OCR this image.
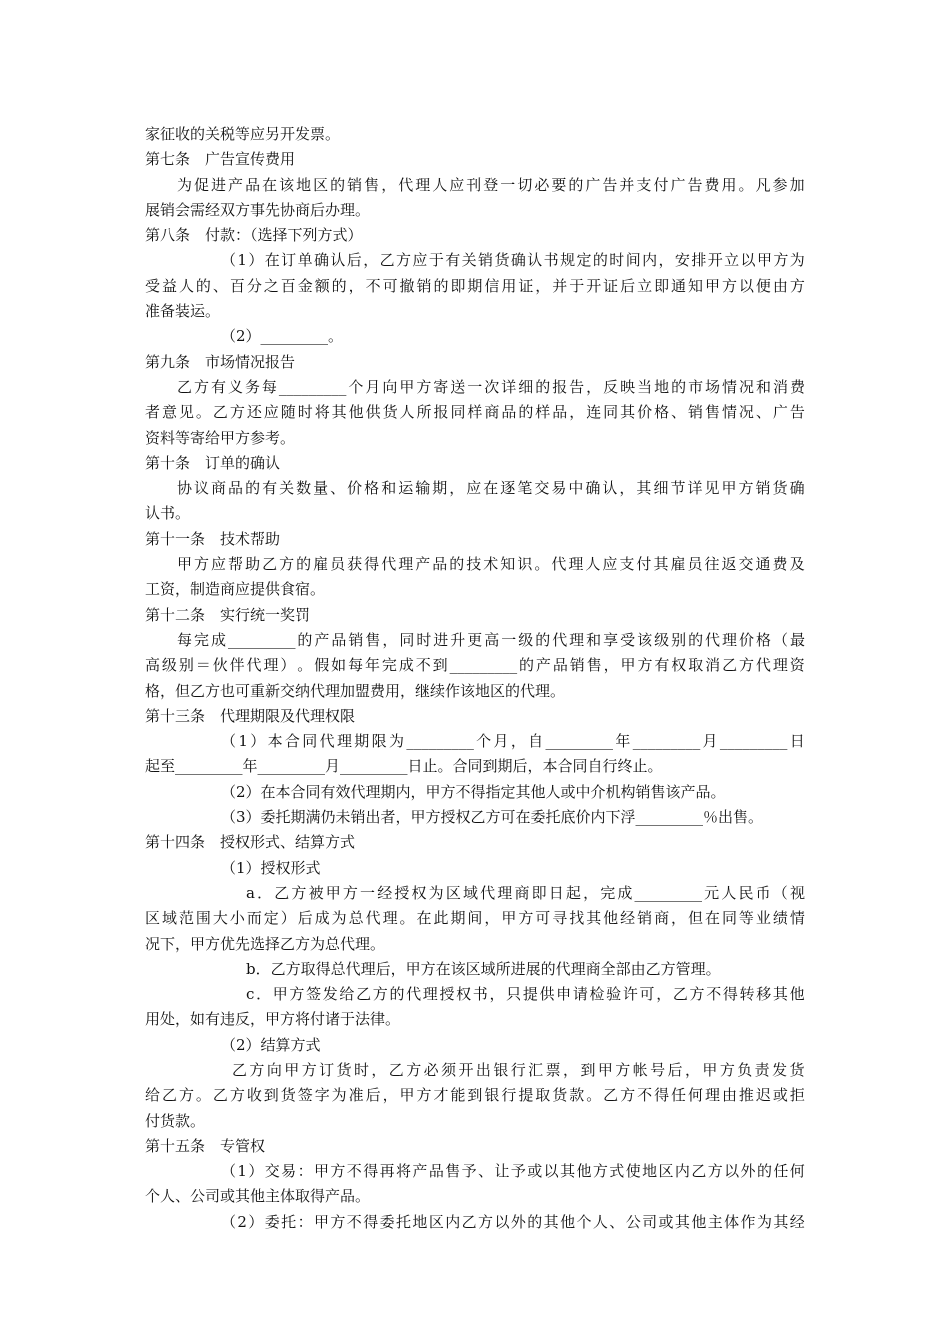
家征收的关税等应另开发票。
第七条　广告宣传费用
为 促 进 产 品 在 该 地 区 的 销 售 ， 代 理 人 应 刊 登 一 切 必 要 的 广 告 并 支 付 广 告 费 用 。 凡 参 加
展销会需经双方事先协商后办理。
第八条　付款：（选择下列方式）
（ 1 ） 在 订 单 确 认 后 ， 乙 方 应 于 有 关 销 货 确 认 书 规 定 的 时 间 内 ， 安 排 开 立 以 甲 方 为
受 益 人 的 、 百 分 之 百 金 额 的 ， 不 可 撤 销 的 即 期 信 用 证 ， 并 于 开 证 后 立 即 通 知 甲 方 以 便 由 方
准备装运。
（2）_________。
第九条　市场情况报告
乙 方 有 义 务 每 _________ 个 月 向 甲 方 寄 送 一 次 详 细 的 报 告 ， 反 映 当 地 的 市 场 情 况 和 消 费
者 意 见 。 乙 方 还 应 随 时 将 其 他 供 货 人 所 报 同 样 商 品 的 样 品 ， 连 同 其 价 格 、 销 售 情 况 、 广 告
资料等寄给甲方参考。
第十条　订单的确认
协 议 商 品 的 有 关 数 量 、 价 格 和 运 输 期 ， 应 在 逐 笔 交 易 中 确 认 ， 其 细 节 详 见 甲 方 销 货 确
认书。
第十一条　技术帮助
甲 方 应 帮 助 乙 方 的 雇 员 获 得 代 理 产 品 的 技 术 知 识 。 代 理 人 应 支 付 其 雇 员 往 返 交 通 费 及
工资，制造商应提供食宿。
第十二条　实行统一奖罚
每 完 成 _________ 的 产 品 销 售 ， 同 时 进 升 更 高 一 级 的 代 理 和 享 受 该 级 别 的 代 理 价 格 （ 最
高 级 别 ＝ 伙 伴 代 理 ） 。 假 如 每 年 完 成 不 到 _________ 的 产 品 销 售 ， 甲 方 有 权 取 消 乙 方 代 理 资
格，但乙方也可重新交纳代理加盟费用，继续作该地区的代理。
第十三条　代理期限及代理权限
（ 1 ） 本 合 同 代 理 期 限 为 _________ 个 月 ， 自 _________ 年 _________ 月 _________ 日
起至_________年_________月_________日止。合同到期后，本合同自行终止。
（2）在本合同有效代理期内，甲方不得指定其他人或中介机构销售该产品。
（3）委托期满仍未销出者，甲方授权乙方可在委托底价内下浮_________％出售。
第十四条　授权形式、结算方式
（1）授权形式
a ． 乙 方 被 甲 方 一 经 授 权 为 区 域 代 理 商 即 日 起 ， 完 成 _________ 元 人 民 币 （ 视
区 域 范 围 大 小 而 定 ） 后 成 为 总 代 理 。 在 此 期 间 ， 甲 方 可 寻 找 其 他 经 销 商 ， 但 在 同 等 业 绩 情
况下，甲方优先选择乙方为总代理。
b．乙方取得总代理后，甲方在该区域所进展的代理商全部由乙方管理。
c ． 甲 方 签 发 给 乙 方 的 代 理 授 权 书 ， 只 提 供 申 请 检 验 许 可 ， 乙 方 不 得 转 移 其 他
用处，如有违反，甲方将付诸于法律。
（2）结算方式
乙 方 向 甲 方 订 货 时 ， 乙 方 必 须 开 出 银 行 汇 票 ， 到 甲 方 帐 号 后 ， 甲 方 负 责 发 货
给 乙 方 。 乙 方 收 到 货 签 字 为 准 后 ， 甲 方 才 能 到 银 行 提 取 货 款 。 乙 方 不 得 任 何 理 由 推 迟 或 拒
付货款。
第十五条　专管权
（ 1 ） 交 易 ： 甲 方 不 得 再 将 产 品 售 予 、 让 予 或 以 其 他 方 式 使 地 区 内 乙 方 以 外 的 任 何
个人、公司或其他主体取得产品。
（ 2 ） 委 托 ： 甲 方 不 得 委 托 地 区 内 乙 方 以 外 的 其 他 个 人 、 公 司 或 其 他 主 体 作 为 其 经
